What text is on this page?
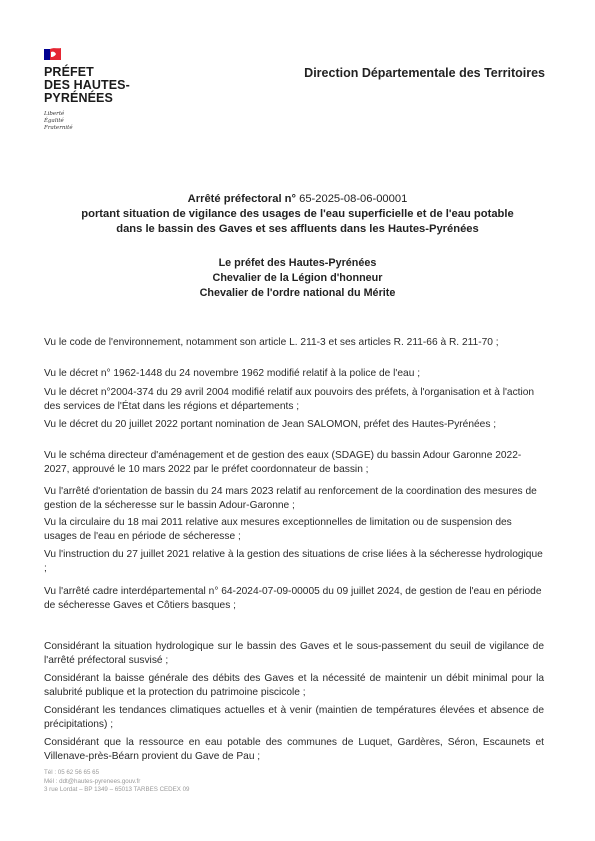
PRÉFET
DES HAUTES-
PYRÉNÉES
Liberté
Égalité
Fraternité
Direction Départementale des Territoires
Arrêté préfectoral n° 65-2025-08-06-00001
portant situation de vigilance des usages de l'eau superficielle et de l'eau potable
dans le bassin des Gaves et ses affluents dans les Hautes-Pyrénées
Le préfet des Hautes-Pyrénées
Chevalier de la Légion d'honneur
Chevalier de l'ordre national du Mérite
Vu le code de l'environnement, notamment son article L. 211-3 et ses articles R. 211-66 à R. 211-70 ;
Vu le décret n° 1962-1448 du 24 novembre 1962 modifié relatif à la police de l'eau ;
Vu le décret n°2004-374 du 29 avril 2004 modifié relatif aux pouvoirs des préfets, à l'organisation et à l'action des services de l'État dans les régions et départements ;
Vu le décret du 20 juillet 2022 portant nomination de Jean SALOMON, préfet des Hautes-Pyrénées ;
Vu le schéma directeur d'aménagement et de gestion des eaux (SDAGE) du bassin Adour Garonne 2022-2027, approuvé le 10 mars 2022 par le préfet coordonnateur de bassin ;
Vu l'arrêté d'orientation de bassin du 24 mars 2023 relatif au renforcement de la coordination des mesures de gestion de la sécheresse sur le bassin Adour-Garonne ;
Vu la circulaire du 18 mai 2011 relative aux mesures exceptionnelles de limitation ou de suspension des usages de l'eau en période de sécheresse ;
Vu l'instruction du 27 juillet 2021 relative à la gestion des situations de crise liées à la sécheresse hydrologique ;
Vu l'arrêté cadre interdépartemental n° 64-2024-07-09-00005 du 09 juillet 2024, de gestion de l'eau en période de sécheresse Gaves et Côtiers basques ;
Considérant la situation hydrologique sur le bassin des Gaves et le sous-passement du seuil de vigilance de l'arrêté préfectoral susvisé ;
Considérant la baisse générale des débits des Gaves et la nécessité de maintenir un débit minimal pour la salubrité publique et la protection du patrimoine piscicole ;
Considérant les tendances climatiques actuelles et à venir (maintien de températures élevées et absence de précipitations) ;
Considérant que la ressource en eau potable des communes de Luquet, Gardères, Séron, Escaunets et Villenave-près-Béarn provient du Gave de Pau ;
Tél : 05 62 56 65 65
Mél : ddt@hautes-pyrenees.gouv.fr
3 rue Lordat – BP 1349 – 65013 TARBES CEDEX 09
